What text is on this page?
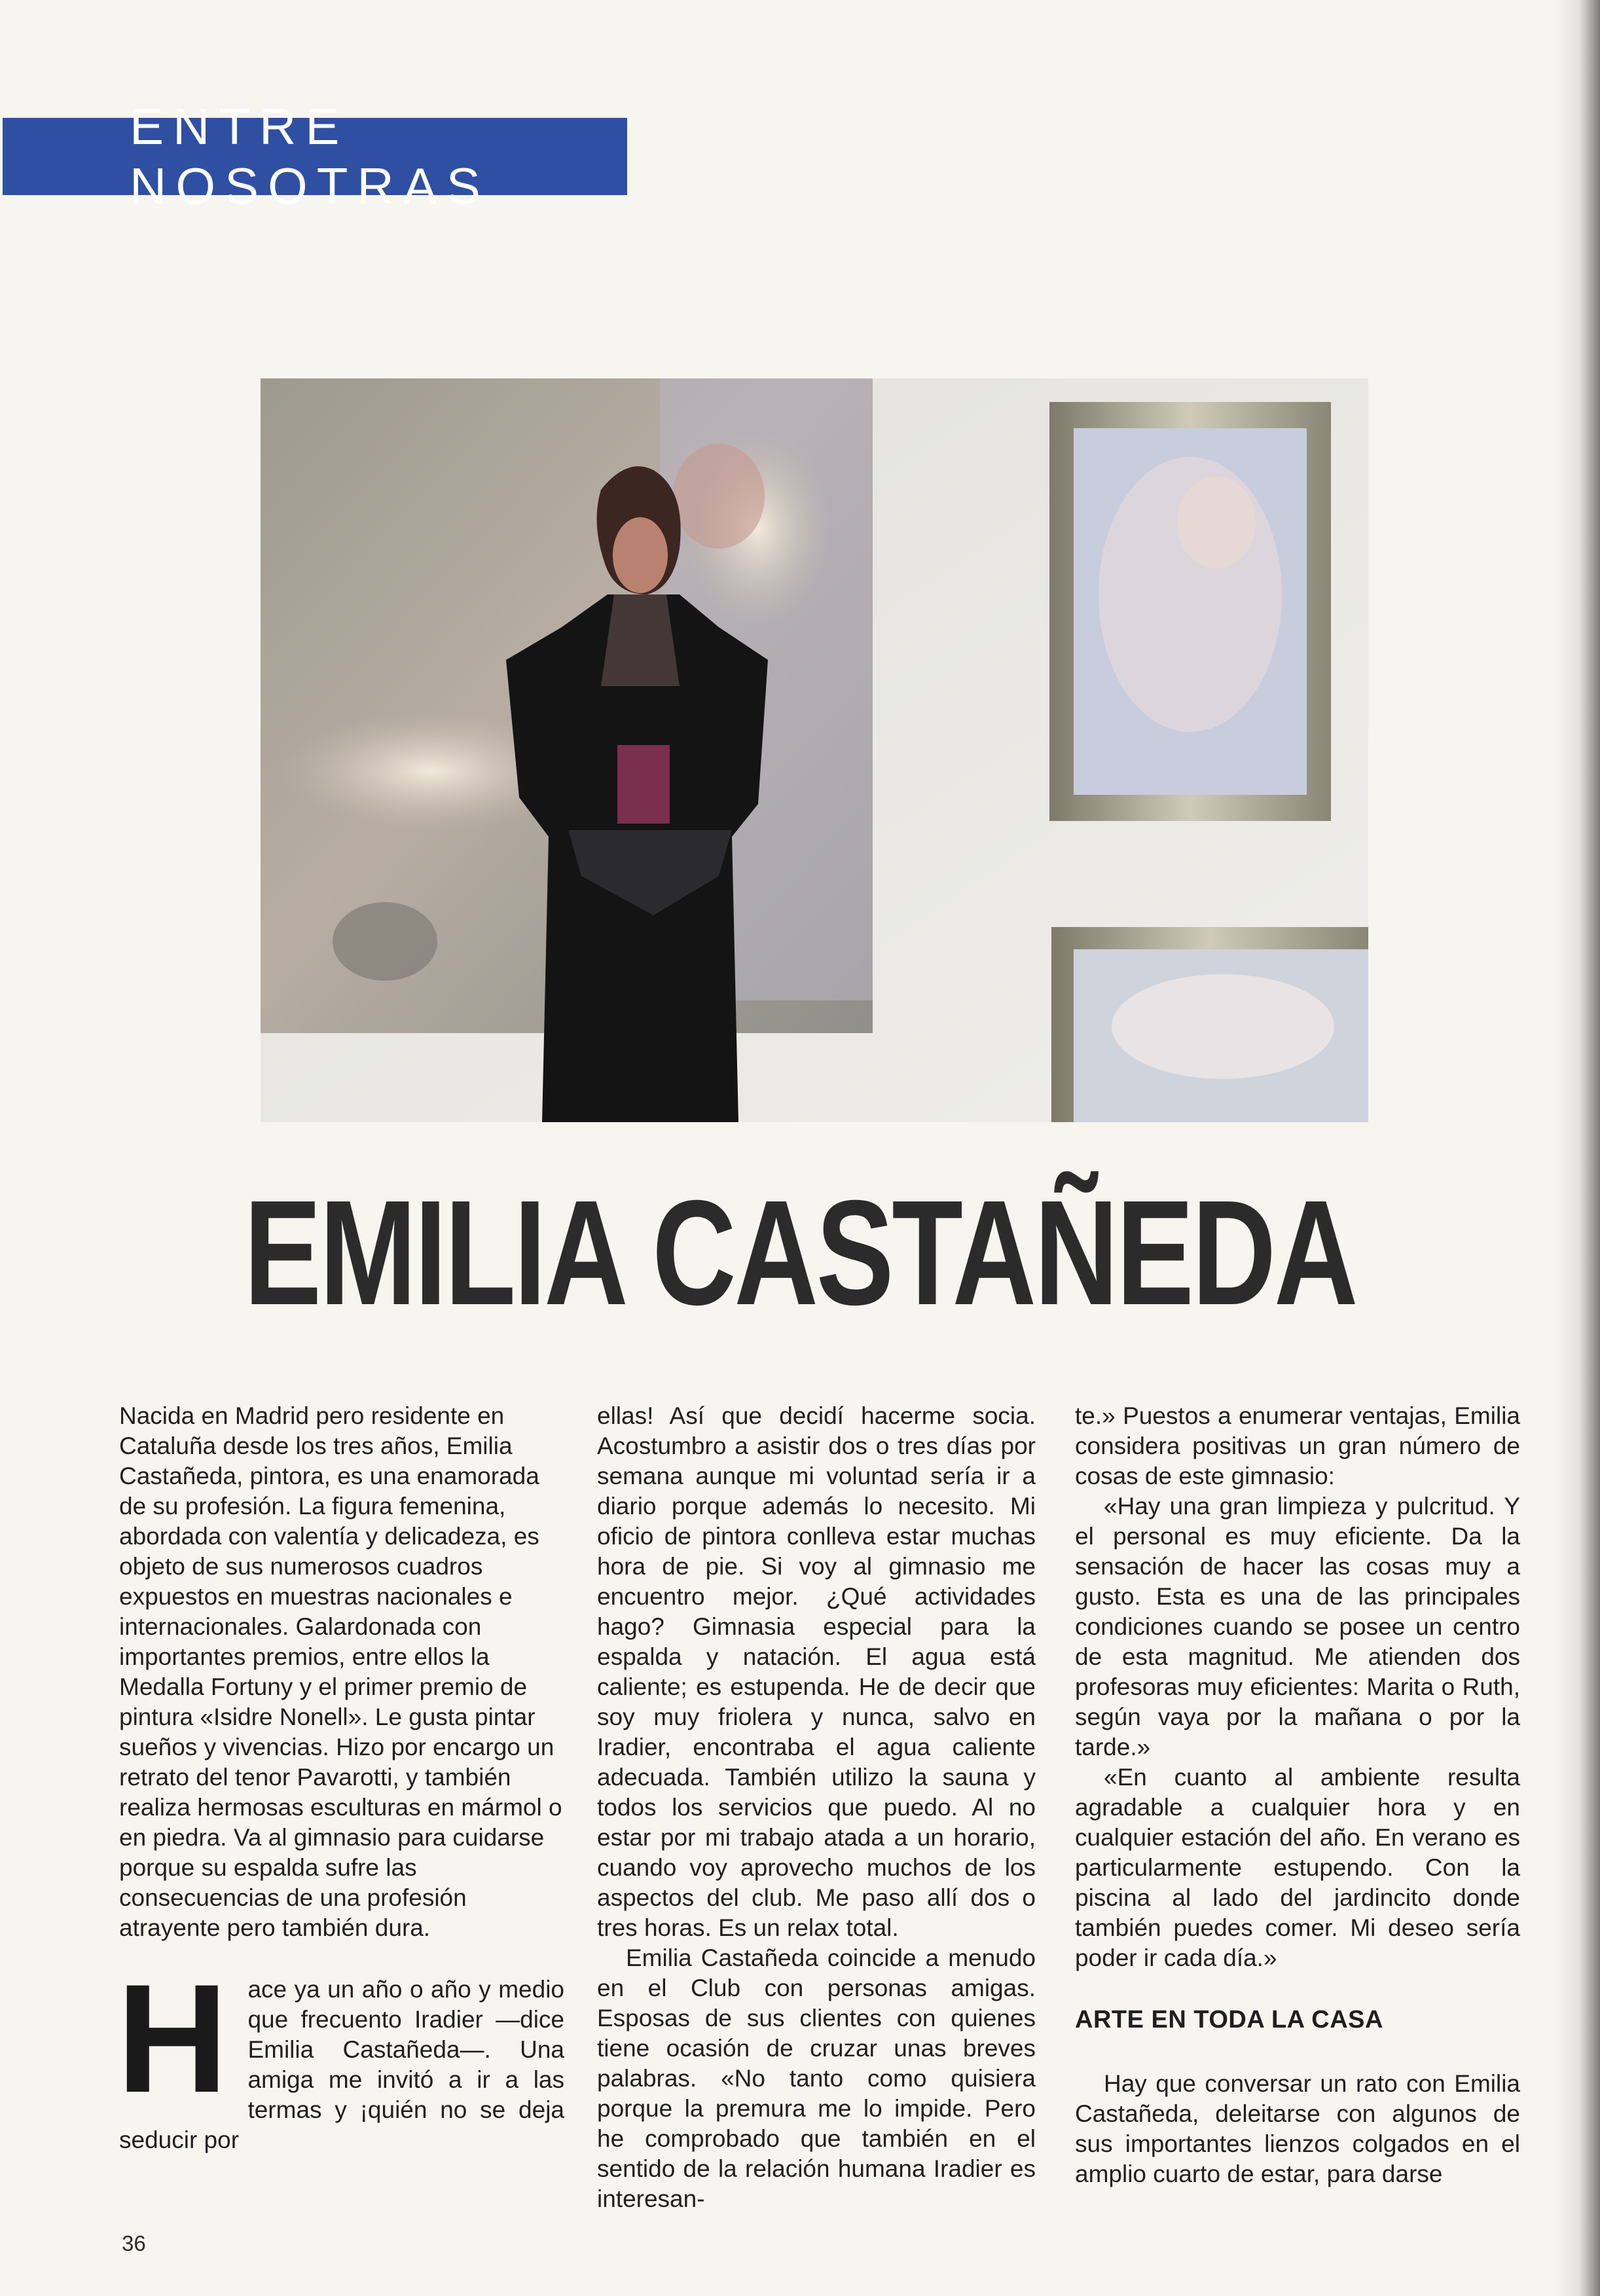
ENTRE NOSOTRAS
EMILIA CASTAÑEDA

Nacida en Madrid pero residente en Cataluña desde los tres años, Emilia Castañeda, pintora, es una enamorada de su profesión. La figura femenina, abordada con valentía y delicadeza, es objeto de sus numerosos cuadros expuestos en muestras nacionales e internacionales. Galardonada con importantes premios, entre ellos la Medalla Fortuny y el primer premio de pintura «Isidre Nonell». Le gusta pintar sueños y vivencias. Hizo por encargo un retrato del tenor Pavarotti, y también realiza hermosas esculturas en mármol o en piedra. Va al gimnasio para cuidarse porque su espalda sufre las consecuencias de una profesión atrayente pero también dura.

H ace ya un año o año y medio que frecuento Iradier —dice Emilia Castañeda—. Una amiga me invitó a ir a las termas y ¡quién no se deja seducir por

ellas! Así que decidí hacerme socia. Acostumbro a asistir dos o tres días por semana aunque mi voluntad sería ir a diario porque además lo necesito. Mi oficio de pintora conlleva estar muchas hora de pie. Si voy al gimnasio me encuentro mejor. ¿Qué actividades hago? Gimnasia especial para la espalda y natación. El agua está caliente; es estupenda. He de decir que soy muy friolera y nunca, salvo en Iradier, encontraba el agua caliente adecuada. También utilizo la sauna y todos los servicios que puedo. Al no estar por mi trabajo atada a un horario, cuando voy aprovecho muchos de los aspectos del club. Me paso allí dos o tres horas. Es un relax total.

Emilia Castañeda coincide a menudo en el Club con personas amigas. Esposas de sus clientes con quienes tiene ocasión de cruzar unas breves palabras. «No tanto como quisiera porque la premura me lo impide. Pero he comprobado que también en el sentido de la relación humana Iradier es interesan-

te.» Puestos a enumerar ventajas, Emilia considera positivas un gran número de cosas de este gimnasio:

«Hay una gran limpieza y pulcritud. Y el personal es muy eficiente. Da la sensación de hacer las cosas muy a gusto. Esta es una de las principales condiciones cuando se posee un centro de esta magnitud. Me atienden dos profesoras muy eficientes: Marita o Ruth, según vaya por la mañana o por la tarde.»

«En cuanto al ambiente resulta agradable a cualquier hora y en cualquier estación del año. En verano es particularmente estupendo. Con la piscina al lado del jardincito donde también puedes comer. Mi deseo sería poder ir cada día.»

ARTE EN TODA LA CASA

Hay que conversar un rato con Emilia Castañeda, deleitarse con algunos de sus importantes lienzos colgados en el amplio cuarto de estar, para darse

36
